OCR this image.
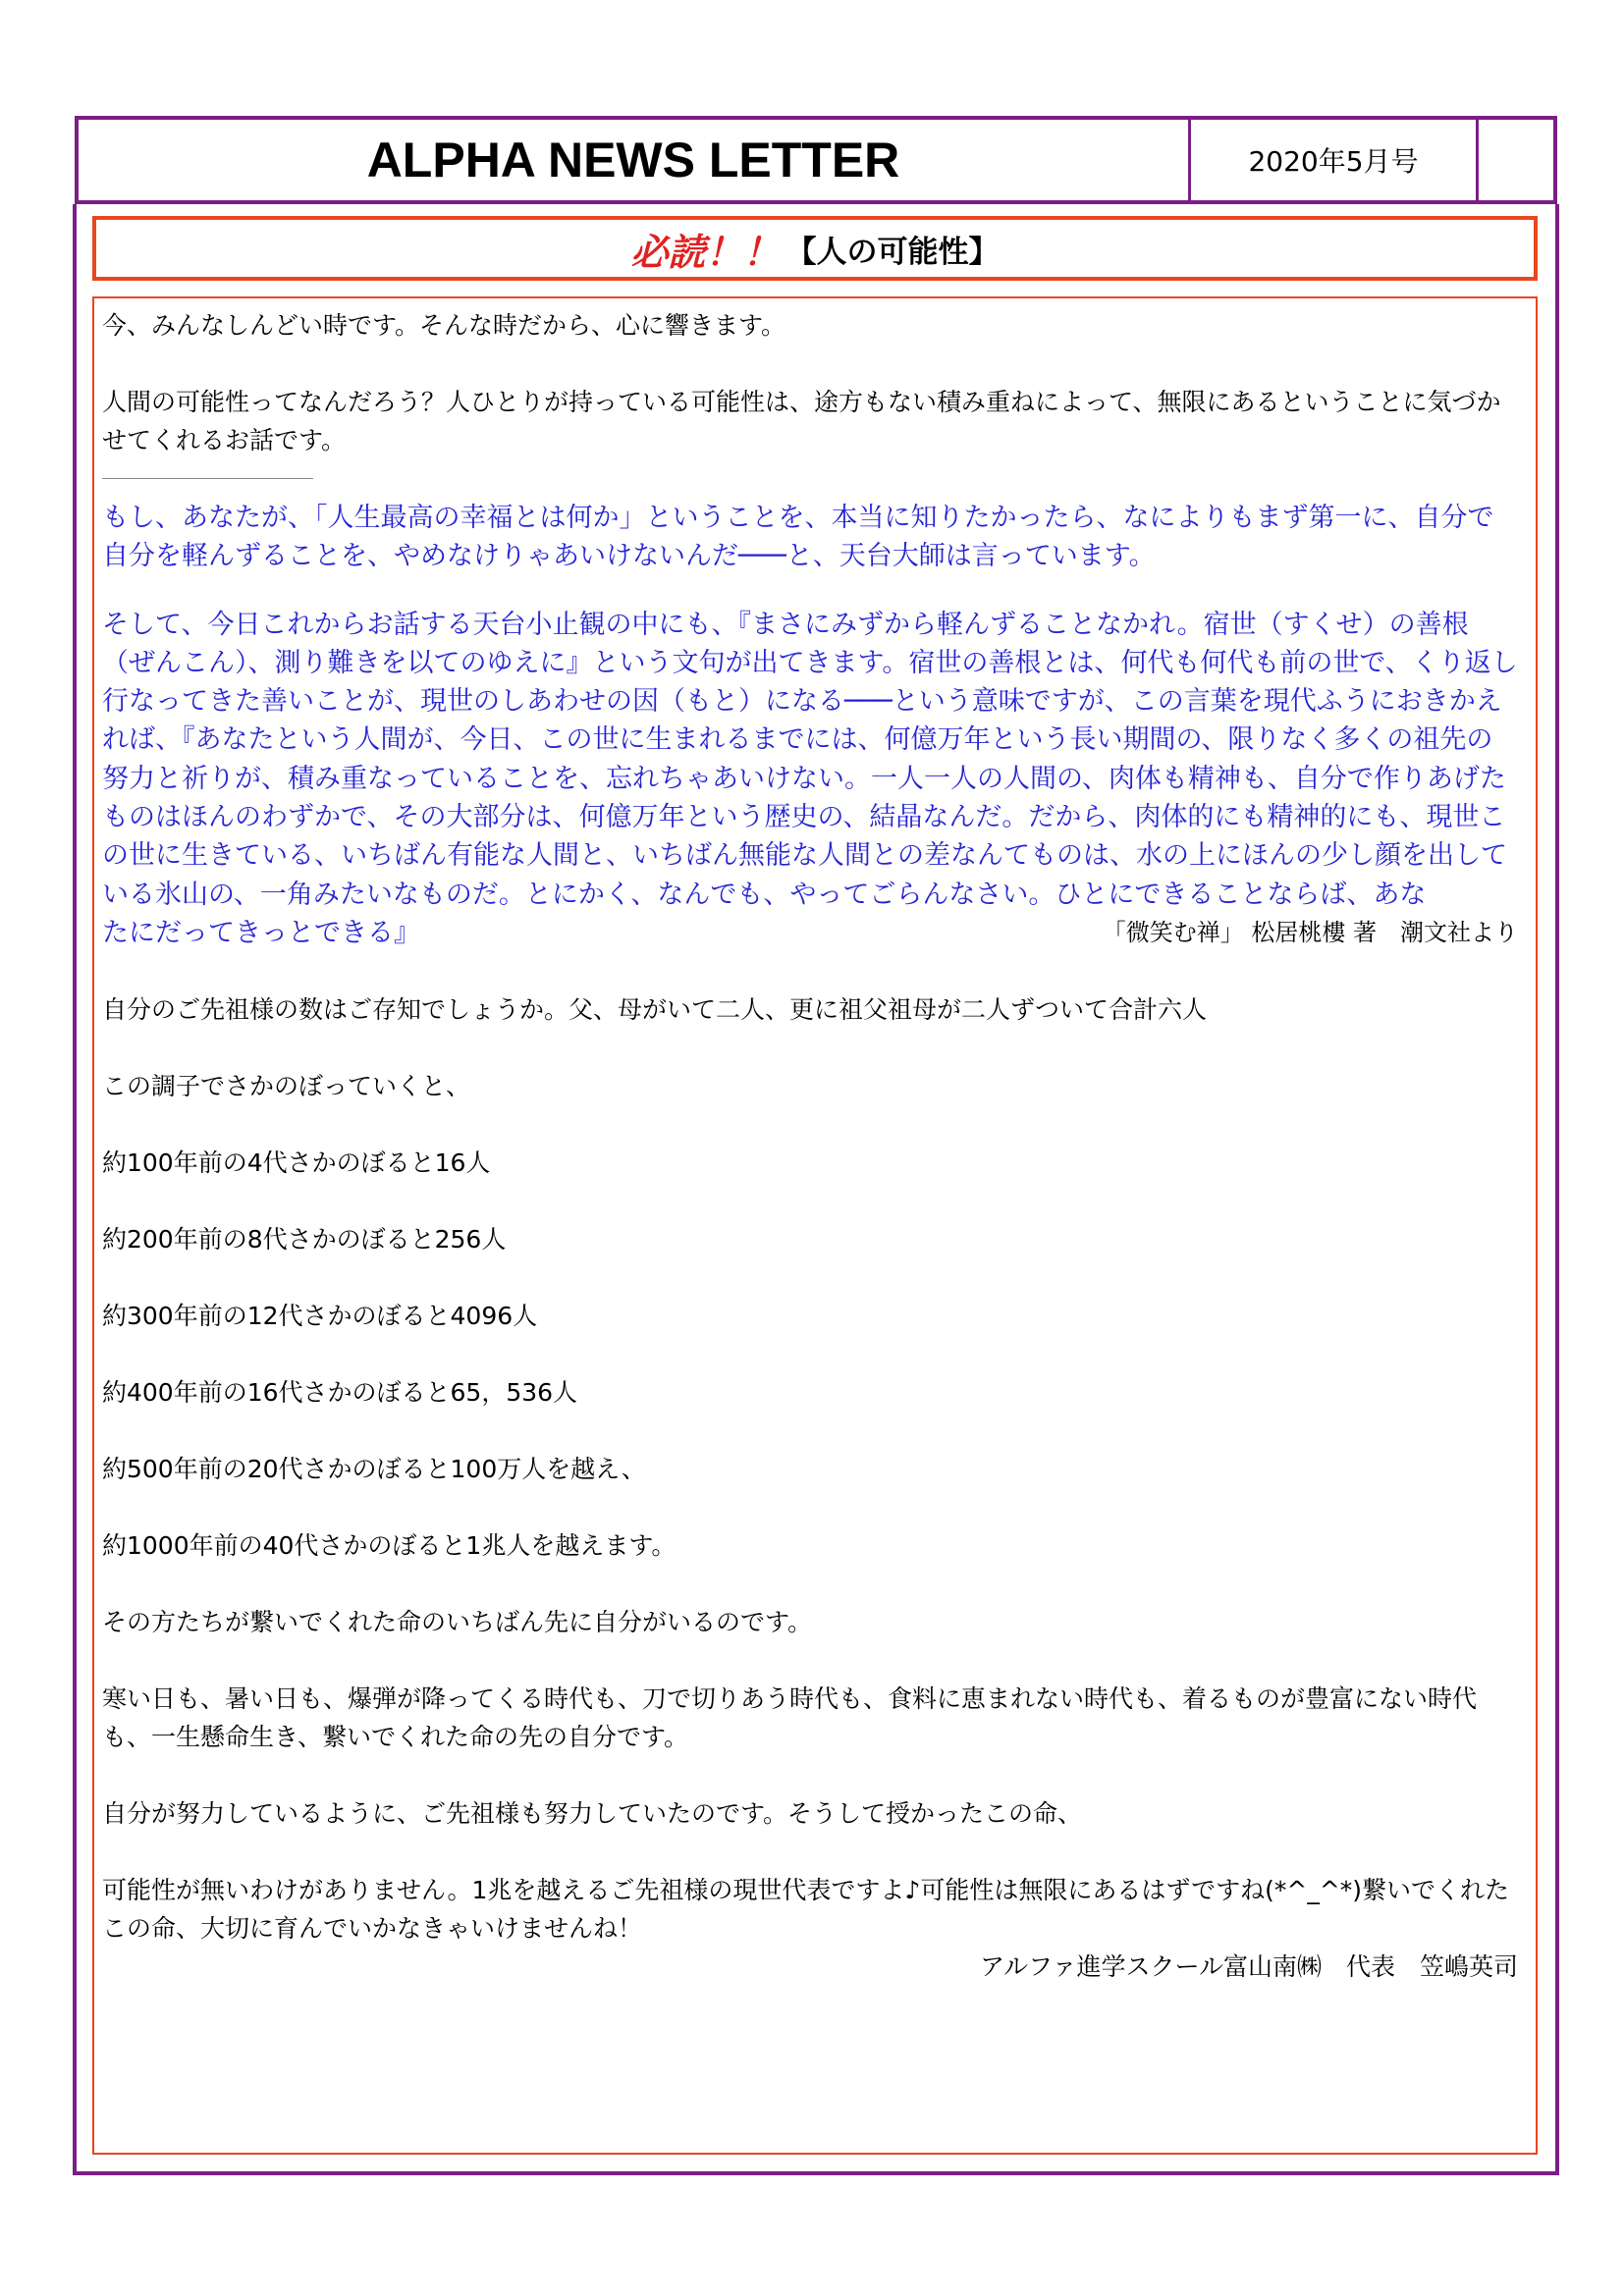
ALPHA NEWS LETTER	2020年5月号
必読！！ 【人の可能性】

今、みんなしんどい時です。そんな時だから、心に響きます。

人間の可能性ってなんだろう？人ひとりが持っている可能性は、途方もない積み重ねによって、無限にあるということに気づかせてくれるお話です。

もし、あなたが、「人生最高の幸福とは何か」ということを、本当に知りたかったら、なによりもまず第一に、自分で自分を軽んずることを、やめなけりゃあいけないんだ───と、天台大師は言っています。

そして、今日これからお話する天台小止観の中にも、『まさにみずから軽んずることなかれ。宿世（すくせ）の善根（ぜんこん）、測り難きを以てのゆえに』という文句が出てきます。宿世の善根とは、何代も何代も前の世で、くり返し行なってきた善いことが、現世のしあわせの因（もと）になる───という意味ですが、この言葉を現代ふうにおきかえれば、『あなたという人間が、今日、この世に生まれるまでには、何億万年という長い期間の、限りなく多くの祖先の努力と祈りが、積み重なっていることを、忘れちゃあいけない。一人一人の人間の、肉体も精神も、自分で作りあげたものはほんのわずかで、その大部分は、何億万年という歴史の、結晶なんだ。だから、肉体的にも精神的にも、現世この世に生きている、いちばん有能な人間と、いちばん無能な人間との差なんてものは、水の上にほんの少し顔を出している氷山の、一角みたいなものだ。とにかく、なんでも、やってごらんなさい。ひとにできることならば、あな

たにだってきっとできる』	「微笑む禅」 松居桃樓 著　潮文社より

自分のご先祖様の数はご存知でしょうか。父、母がいて二人、更に祖父祖母が二人ずついて合計六人

この調子でさかのぼっていくと、

約100年前の4代さかのぼると16人

約200年前の8代さかのぼると256人

約300年前の12代さかのぼると4096人

約400年前の16代さかのぼると65，536人

約500年前の20代さかのぼると100万人を越え、

約1000年前の40代さかのぼると1兆人を越えます。

その方たちが繋いでくれた命のいちばん先に自分がいるのです。

寒い日も、暑い日も、爆弾が降ってくる時代も、刀で切りあう時代も、食料に恵まれない時代も、着るものが豊富にない時代も、一生懸命生き、繋いでくれた命の先の自分です。

自分が努力しているように、ご先祖様も努力していたのです。そうして授かったこの命、

可能性が無いわけがありません。1兆を越えるご先祖様の現世代表ですよ♪可能性は無限にあるはずですね(*^_^*)繋いでくれたこの命、大切に育んでいかなきゃいけませんね！

アルファ進学スクール富山南㈱　代表　笠嶋英司
